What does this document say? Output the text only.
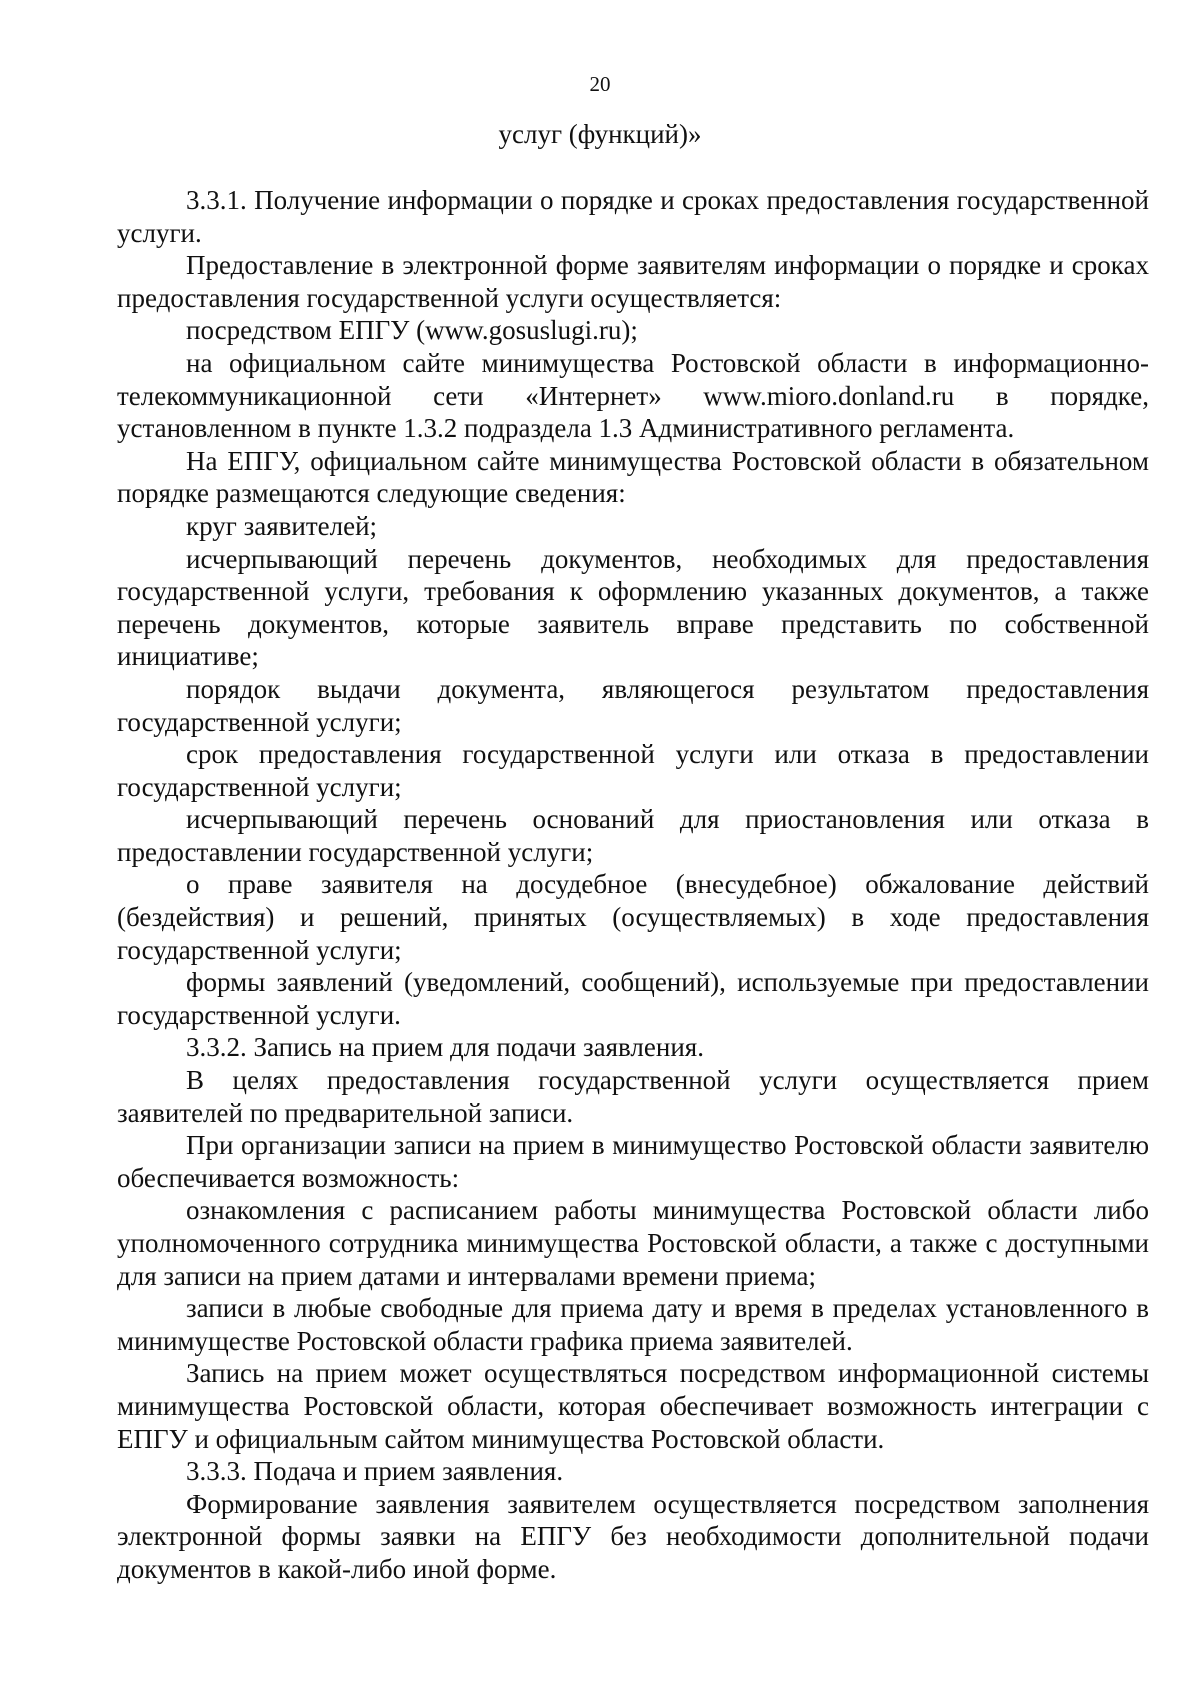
20
услуг (функций)»

3.3.1. Получение информации о порядке и сроках предоставления государственной услуги.

Предоставление в электронной форме заявителям информации о порядке и сроках предоставления государственной услуги осуществляется:

посредством ЕПГУ (www.gosuslugi.ru);

на официальном сайте минимущества Ростовской области в информационно-телекоммуникационной сети «Интернет» www.mioro.donland.ru в порядке, установленном в пункте 1.3.2 подраздела 1.3 Административного регламента.

На ЕПГУ, официальном сайте минимущества Ростовской области в обязательном порядке размещаются следующие сведения:

круг заявителей;

исчерпывающий перечень документов, необходимых для предоставления государственной услуги, требования к оформлению указанных документов, а также перечень документов, которые заявитель вправе представить по собственной инициативе;

порядок выдачи документа, являющегося результатом предоставления государственной услуги;

срок предоставления государственной услуги или отказа в предоставлении государственной услуги;

исчерпывающий перечень оснований для приостановления или отказа в предоставлении государственной услуги;

о праве заявителя на досудебное (внесудебное) обжалование действий (бездействия) и решений, принятых (осуществляемых) в ходе предоставления государственной услуги;

формы заявлений (уведомлений, сообщений), используемые при предоставлении государственной услуги.

3.3.2. Запись на прием для подачи заявления.

В целях предоставления государственной услуги осуществляется прием заявителей по предварительной записи.

При организации записи на прием в минимущество Ростовской области заявителю обеспечивается возможность:

ознакомления с расписанием работы минимущества Ростовской области либо уполномоченного сотрудника минимущества Ростовской области, а также с доступными для записи на прием датами и интервалами времени приема;

записи в любые свободные для приема дату и время в пределах установленного в минимуществе Ростовской области графика приема заявителей.

Запись на прием может осуществляться посредством информационной системы минимущества Ростовской области, которая обеспечивает возможность интеграции с ЕПГУ и официальным сайтом минимущества Ростовской области.

3.3.3. Подача и прием заявления.

Формирование заявления заявителем осуществляется посредством заполнения электронной формы заявки на ЕПГУ без необходимости дополнительной подачи документов в какой-либо иной форме.
